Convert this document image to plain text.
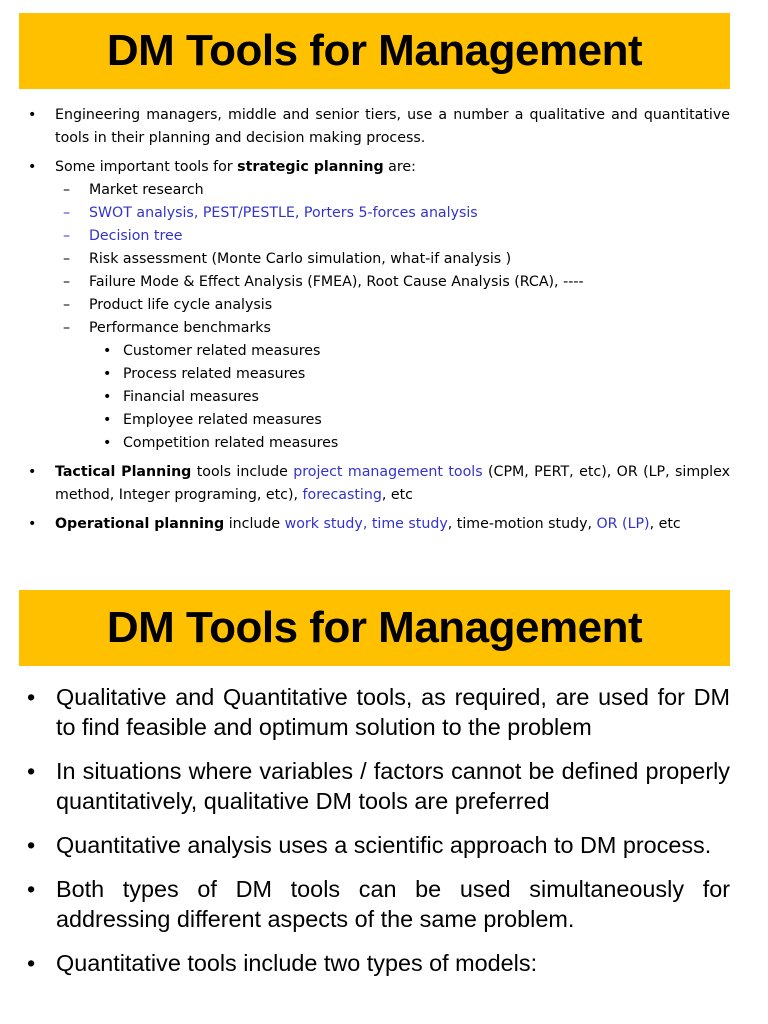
DM Tools for Management
• Engineering managers, middle and senior tiers, use a number a qualitative and quantitative tools in their planning and decision making process.
• Some important tools for strategic planning are:
– Market research
– SWOT analysis, PEST/PESTLE, Porters 5-forces analysis
– Decision tree
– Risk assessment (Monte Carlo simulation, what-if analysis )
– Failure Mode & Effect Analysis (FMEA), Root Cause Analysis (RCA), ----
– Product life cycle analysis
– Performance benchmarks
• Customer related measures
• Process related measures
• Financial measures
• Employee related measures
• Competition related measures
• Tactical Planning tools include project management tools (CPM, PERT, etc), OR (LP, simplex method, Integer programing, etc), forecasting, etc
• Operational planning include work study, time study, time-motion study, OR (LP), etc
DM Tools for Management
• Qualitative and Quantitative tools, as required, are used for DM to find feasible and optimum solution to the problem
• In situations where variables / factors cannot be defined properly quantitatively, qualitative DM tools are preferred
• Quantitative analysis uses a scientific approach to DM process.
• Both types of DM tools can be used simultaneously for addressing different aspects of the same problem.
• Quantitative tools include two types of models:
